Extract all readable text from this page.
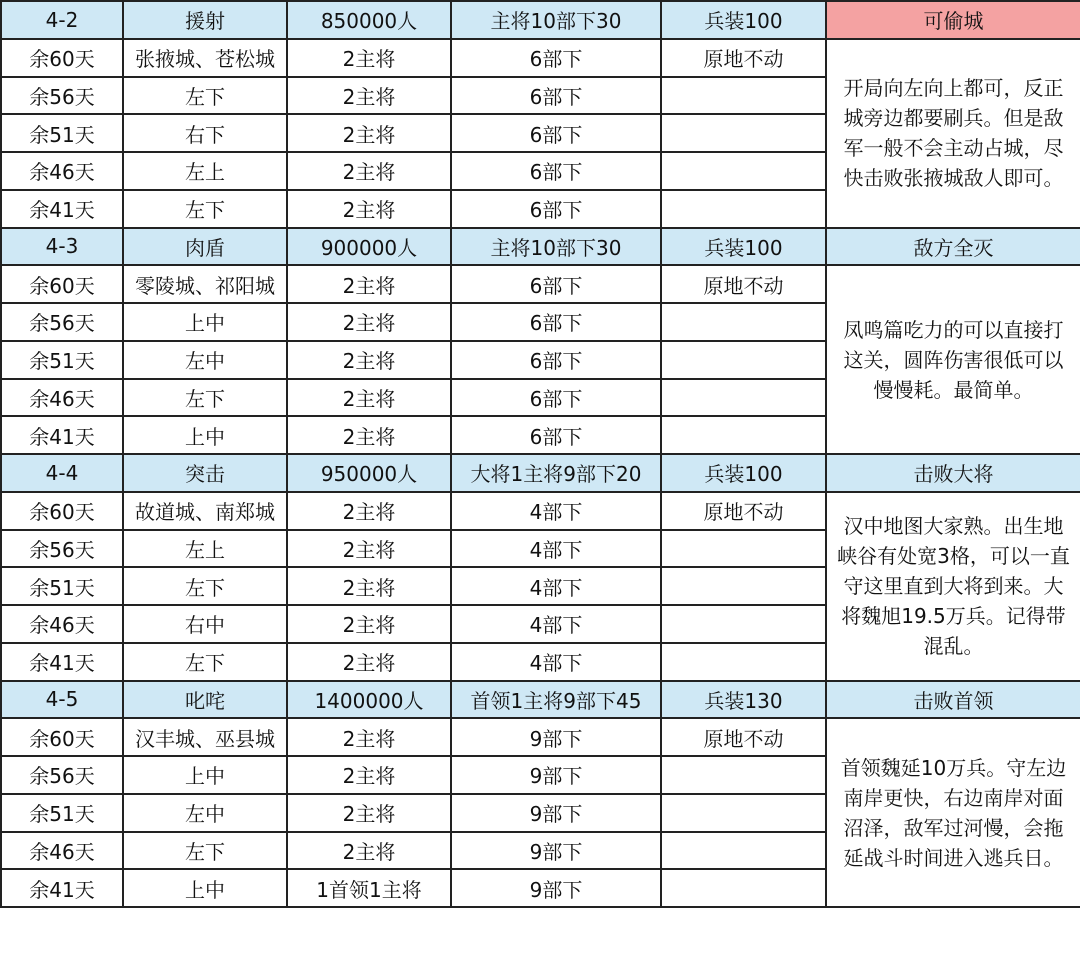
4-2	援射	850000人	主将10部下30	兵装100	可偷城
余60天	张掖城、苍松城	2主将	6部下	原地不动	开局向左向上都可，反正城旁边都要刷兵。但是敌军一般不会主动占城，尽快击败张掖城敌人即可。
余56天	左下	2主将	6部下		
余51天	右下	2主将	6部下		
余46天	左上	2主将	6部下		
余41天	左下	2主将	6部下		
4-3	肉盾	900000人	主将10部下30	兵装100	敌方全灭
余60天	零陵城、祁阳城	2主将	6部下	原地不动	凤鸣篇吃力的可以直接打这关，圆阵伤害很低可以慢慢耗。最简单。
余56天	上中	2主将	6部下		
余51天	左中	2主将	6部下		
余46天	左下	2主将	6部下		
余41天	上中	2主将	6部下		
4-4	突击	950000人	大将1主将9部下20	兵装100	击败大将
余60天	故道城、南郑城	2主将	4部下	原地不动	汉中地图大家熟。出生地峡谷有处宽3格，可以一直守这里直到大将到来。大将魏旭19.5万兵。记得带混乱。
余56天	左上	2主将	4部下		
余51天	左下	2主将	4部下		
余46天	右中	2主将	4部下		
余41天	左下	2主将	4部下		
4-5	叱咤	1400000人	首领1主将9部下45	兵装130	击败首领
余60天	汉丰城、巫县城	2主将	9部下	原地不动	首领魏延10万兵。守左边南岸更快，右边南岸对面沼泽，敌军过河慢，会拖延战斗时间进入逃兵日。
余56天	上中	2主将	9部下		
余51天	左中	2主将	9部下		
余46天	左下	2主将	9部下		
余41天	上中	1首领1主将	9部下		
